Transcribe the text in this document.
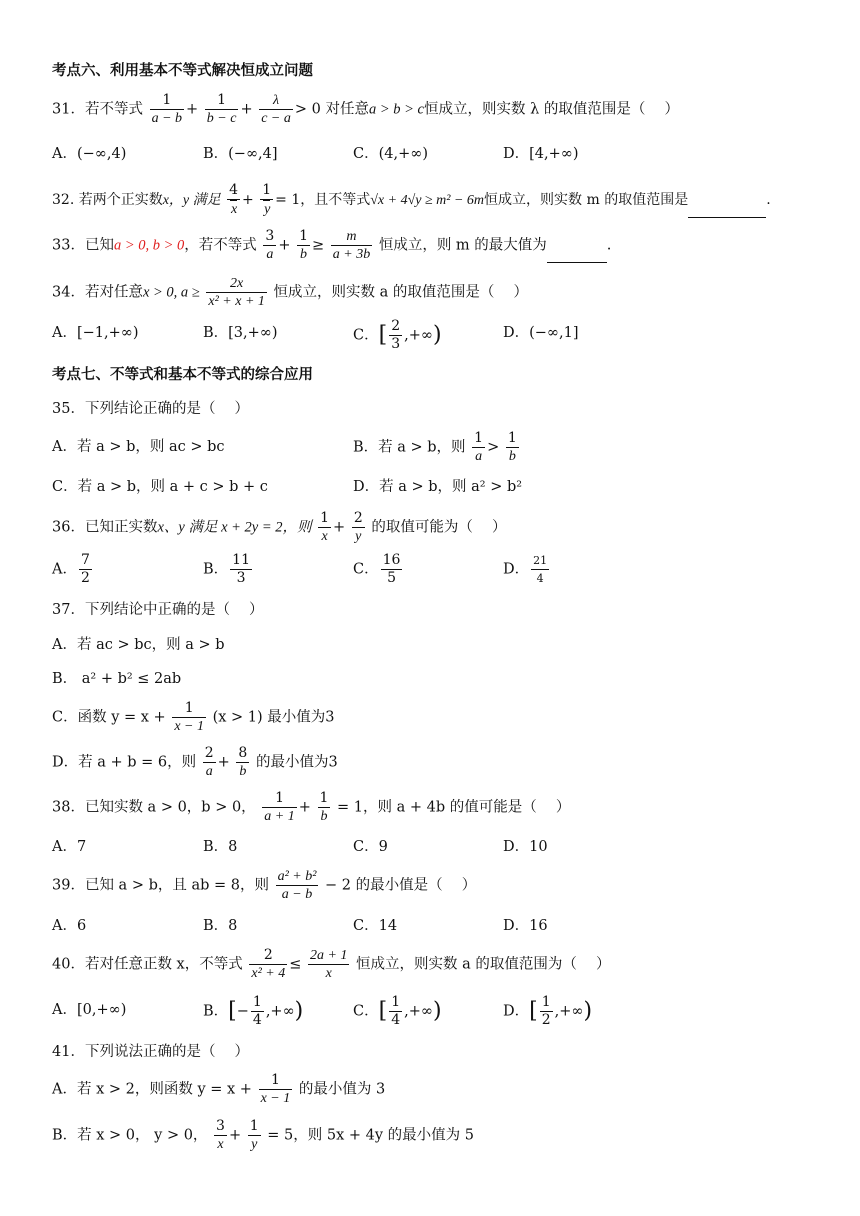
考点六、利用基本不等式解决恒成立问题
31．若不等式 $\frac{1}{a - b} + \frac{1}{b - c} + \frac{\lambda}{c - a} > 0$ 对任意a > b > c恒成立，则实数 λ 的取值范围是（　 ）
A．(−∞,4)	B．(−∞,4]	C．(4,+∞)	D．[4,+∞)
32. 若两个正实数x，y 满足 $\frac{4}{x} + \frac{1}{y} = 1$，且不等式√x + 4√y ≥ m² − 6m恒成立，则实数 m 的取值范围是	.
33．已知a > 0, b > 0，若不等式 $\frac{3}{a} + \frac{1}{b} \ge \frac{m}{a + 3b}$ 恒成立，则 m 的最大值为	.
34．若对任意x > 0, $a \ge \frac{2x}{\text{x² + x + 1}}$ 恒成立，则实数 a 的取值范围是（　 ）
A．[−1,+∞)	B．[3,+∞)	C．[ $\frac{2}{3}$ ,+∞)	D．(−∞,1]
考点七、不等式和基本不等式的综合应用
35．下列结论正确的是（　 ）
A．若 a > b，则 ac > bc	B．若 a > b，则 $\frac{1}{a} > \frac{1}{b}$
C．若 a > b，则 a + c > b + c	D．若 a > b，则 a² > b²
36．已知正实数x、y 满足 x + 2y = 2，则 $\frac{1}{x} + \frac{2}{y}$ 的取值可能为（　 ）
A． $\frac{7}{2}$	B． $\frac{11}{3}$	C． $\frac{16}{5}$	D． $\frac{21}{4}$
37．下列结论中正确的是（　 ）
A．若 ac > bc，则 a > b
B． a² + b² ≤ 2ab
C．函数 $y = x + \frac{1}{x - 1} (x > 1)$ 最小值为3
D．若 a + b = 6，则 $\frac{2}{a} + \frac{8}{b}$ 的最小值为3
38．已知实数 a > 0，b > 0， $\frac{1}{a + 1} + \frac{1}{b} = 1$，则 a + 4b 的值可能是（　 ）
A．7	B．8	C．9	D．10
39．已知 a > b，且 ab = 8，则 $\frac{\text{a² + b²}}{a - b} - 2$ 的最小值是（　 ）
A．6	B．8	C．14	D．16
40．若对任意正数 x，不等式 $\frac{2}{\text{x² + 4}} \le \frac{2a + 1}{x}$ 恒成立，则实数 a 的取值范围为（　 ）
A．[0,+∞)	B．[− $\frac{1}{4}$ ,+∞)	C．[ $\frac{1}{4}$ ,+∞)	D．[ $\frac{1}{2}$ ,+∞)
41．下列说法正确的是（　 ）
A．若 x > 2，则函数 $y = x + \frac{1}{x - 1}$ 的最小值为 3
B．若 x > 0， y > 0， $\frac{3}{x} + \frac{1}{y} = 5$，则 5x + 4y 的最小值为 5
